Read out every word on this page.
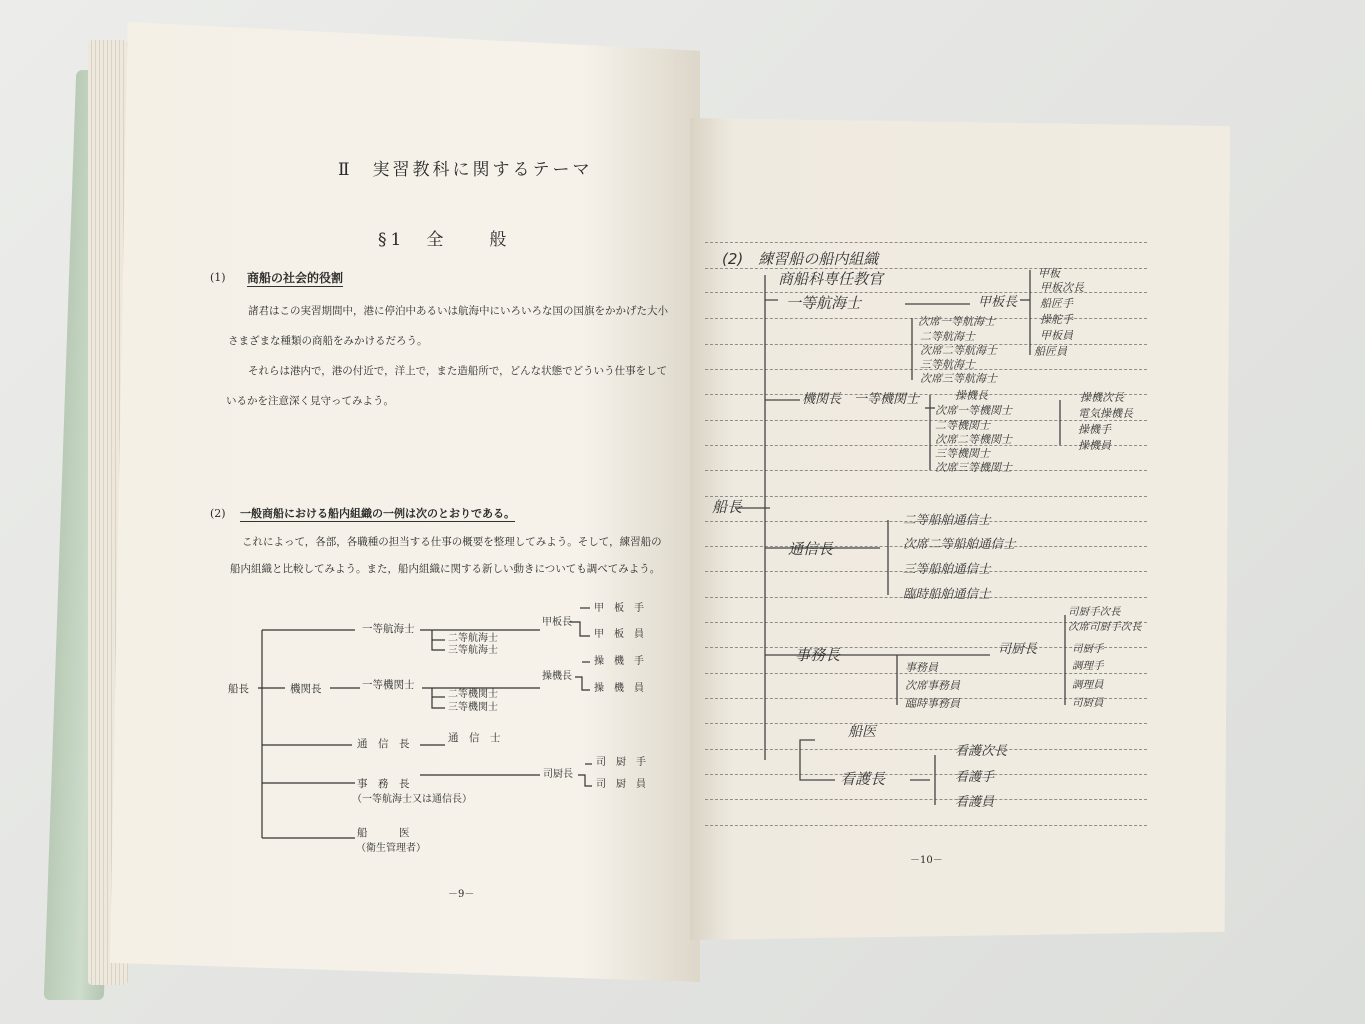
Ⅱ　実習教科に関するテーマ
§1　全　　般
(1) 商船の社会的役割
諸君はこの実習期間中，港に停泊中あるいは航海中にいろいろな国の国旗をかかげた大小
さまざまな種類の商船をみかけるだろう。
それらは港内で，港の付近で，洋上で，また造船所で，どんな状態でどういう仕事をして
いるかを注意深く見守ってみよう。
(2) 一般商船における船内組織の一例は次のとおりである。
これによって，各部，各職種の担当する仕事の概要を整理してみよう。そして，練習船の
船内組織と比較してみよう。また，船内組織に関する新しい動きについても調べてみよう。
船長	機関長
一等航海士
二等航海士
三等航海士
甲板長
甲　板　手
甲　板　員
一等機関士
二等機関士
三等機関士
操機長
操　機　手
操　機　員
通　信　長	通　信　士
事　務　長
（一等航海士又は通信長）
司厨長
司　厨　手
司　厨　員
船　　　医
（衛生管理者）
－9－
(2)　練習船の船内組織
商船科専任教官
一等航海士	甲板長
甲板
甲板次長
船匠手
操舵手
甲板員
船匠員
次席一等航海士
二等航海士
次席二等航海士
三等航海士
次席三等航海士
機関長　一等機関士	操機長
次席一等機関士
二等機関士
次席二等機関士
三等機関士
次席三等機関士
操機次長
電気操機長
操機手
操機員
船長
通信長
二等船舶通信士
次席二等船舶通信士
三等船舶通信士
臨時船舶通信士
事務長	司厨長
事務員
次席事務員
臨時事務員
司厨手次長
次席司厨手次長
司厨手
調理手
調理員
司厨員
船医
看護長
看護次長
看護手
看護員
－10－
